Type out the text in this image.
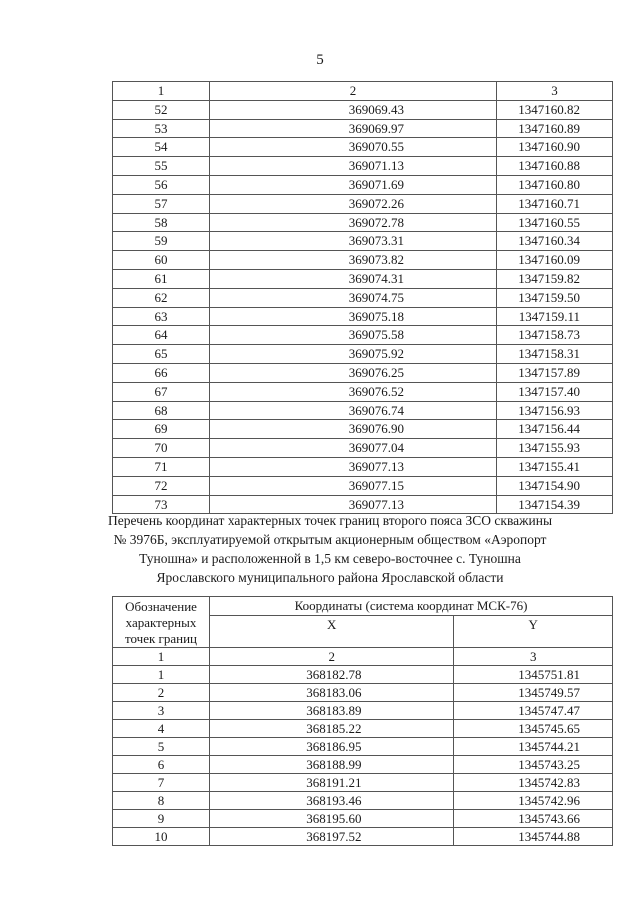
5
1	2	3
52	369069.43	1347160.82
53	369069.97	1347160.89
54	369070.55	1347160.90
55	369071.13	1347160.88
56	369071.69	1347160.80
57	369072.26	1347160.71
58	369072.78	1347160.55
59	369073.31	1347160.34
60	369073.82	1347160.09
61	369074.31	1347159.82
62	369074.75	1347159.50
63	369075.18	1347159.11
64	369075.58	1347158.73
65	369075.92	1347158.31
66	369076.25	1347157.89
67	369076.52	1347157.40
68	369076.74	1347156.93
69	369076.90	1347156.44
70	369077.04	1347155.93
71	369077.13	1347155.41
72	369077.15	1347154.90
73	369077.13	1347154.39
Перечень координат характерных точек границ второго пояса ЗСО скважины
№ 3976Б, эксплуатируемой открытым акционерным обществом «Аэропорт
Туношна» и расположенной в 1,5 км северо-восточнее с. Туношна
Ярославского муниципального района Ярославской области
Обозначение
характерных
точек границ	Координаты (система координат МСК-76)	
	X	Y
1	2	3
1	368182.78	1345751.81
2	368183.06	1345749.57
3	368183.89	1345747.47
4	368185.22	1345745.65
5	368186.95	1345744.21
6	368188.99	1345743.25
7	368191.21	1345742.83
8	368193.46	1345742.96
9	368195.60	1345743.66
10	368197.52	1345744.88
